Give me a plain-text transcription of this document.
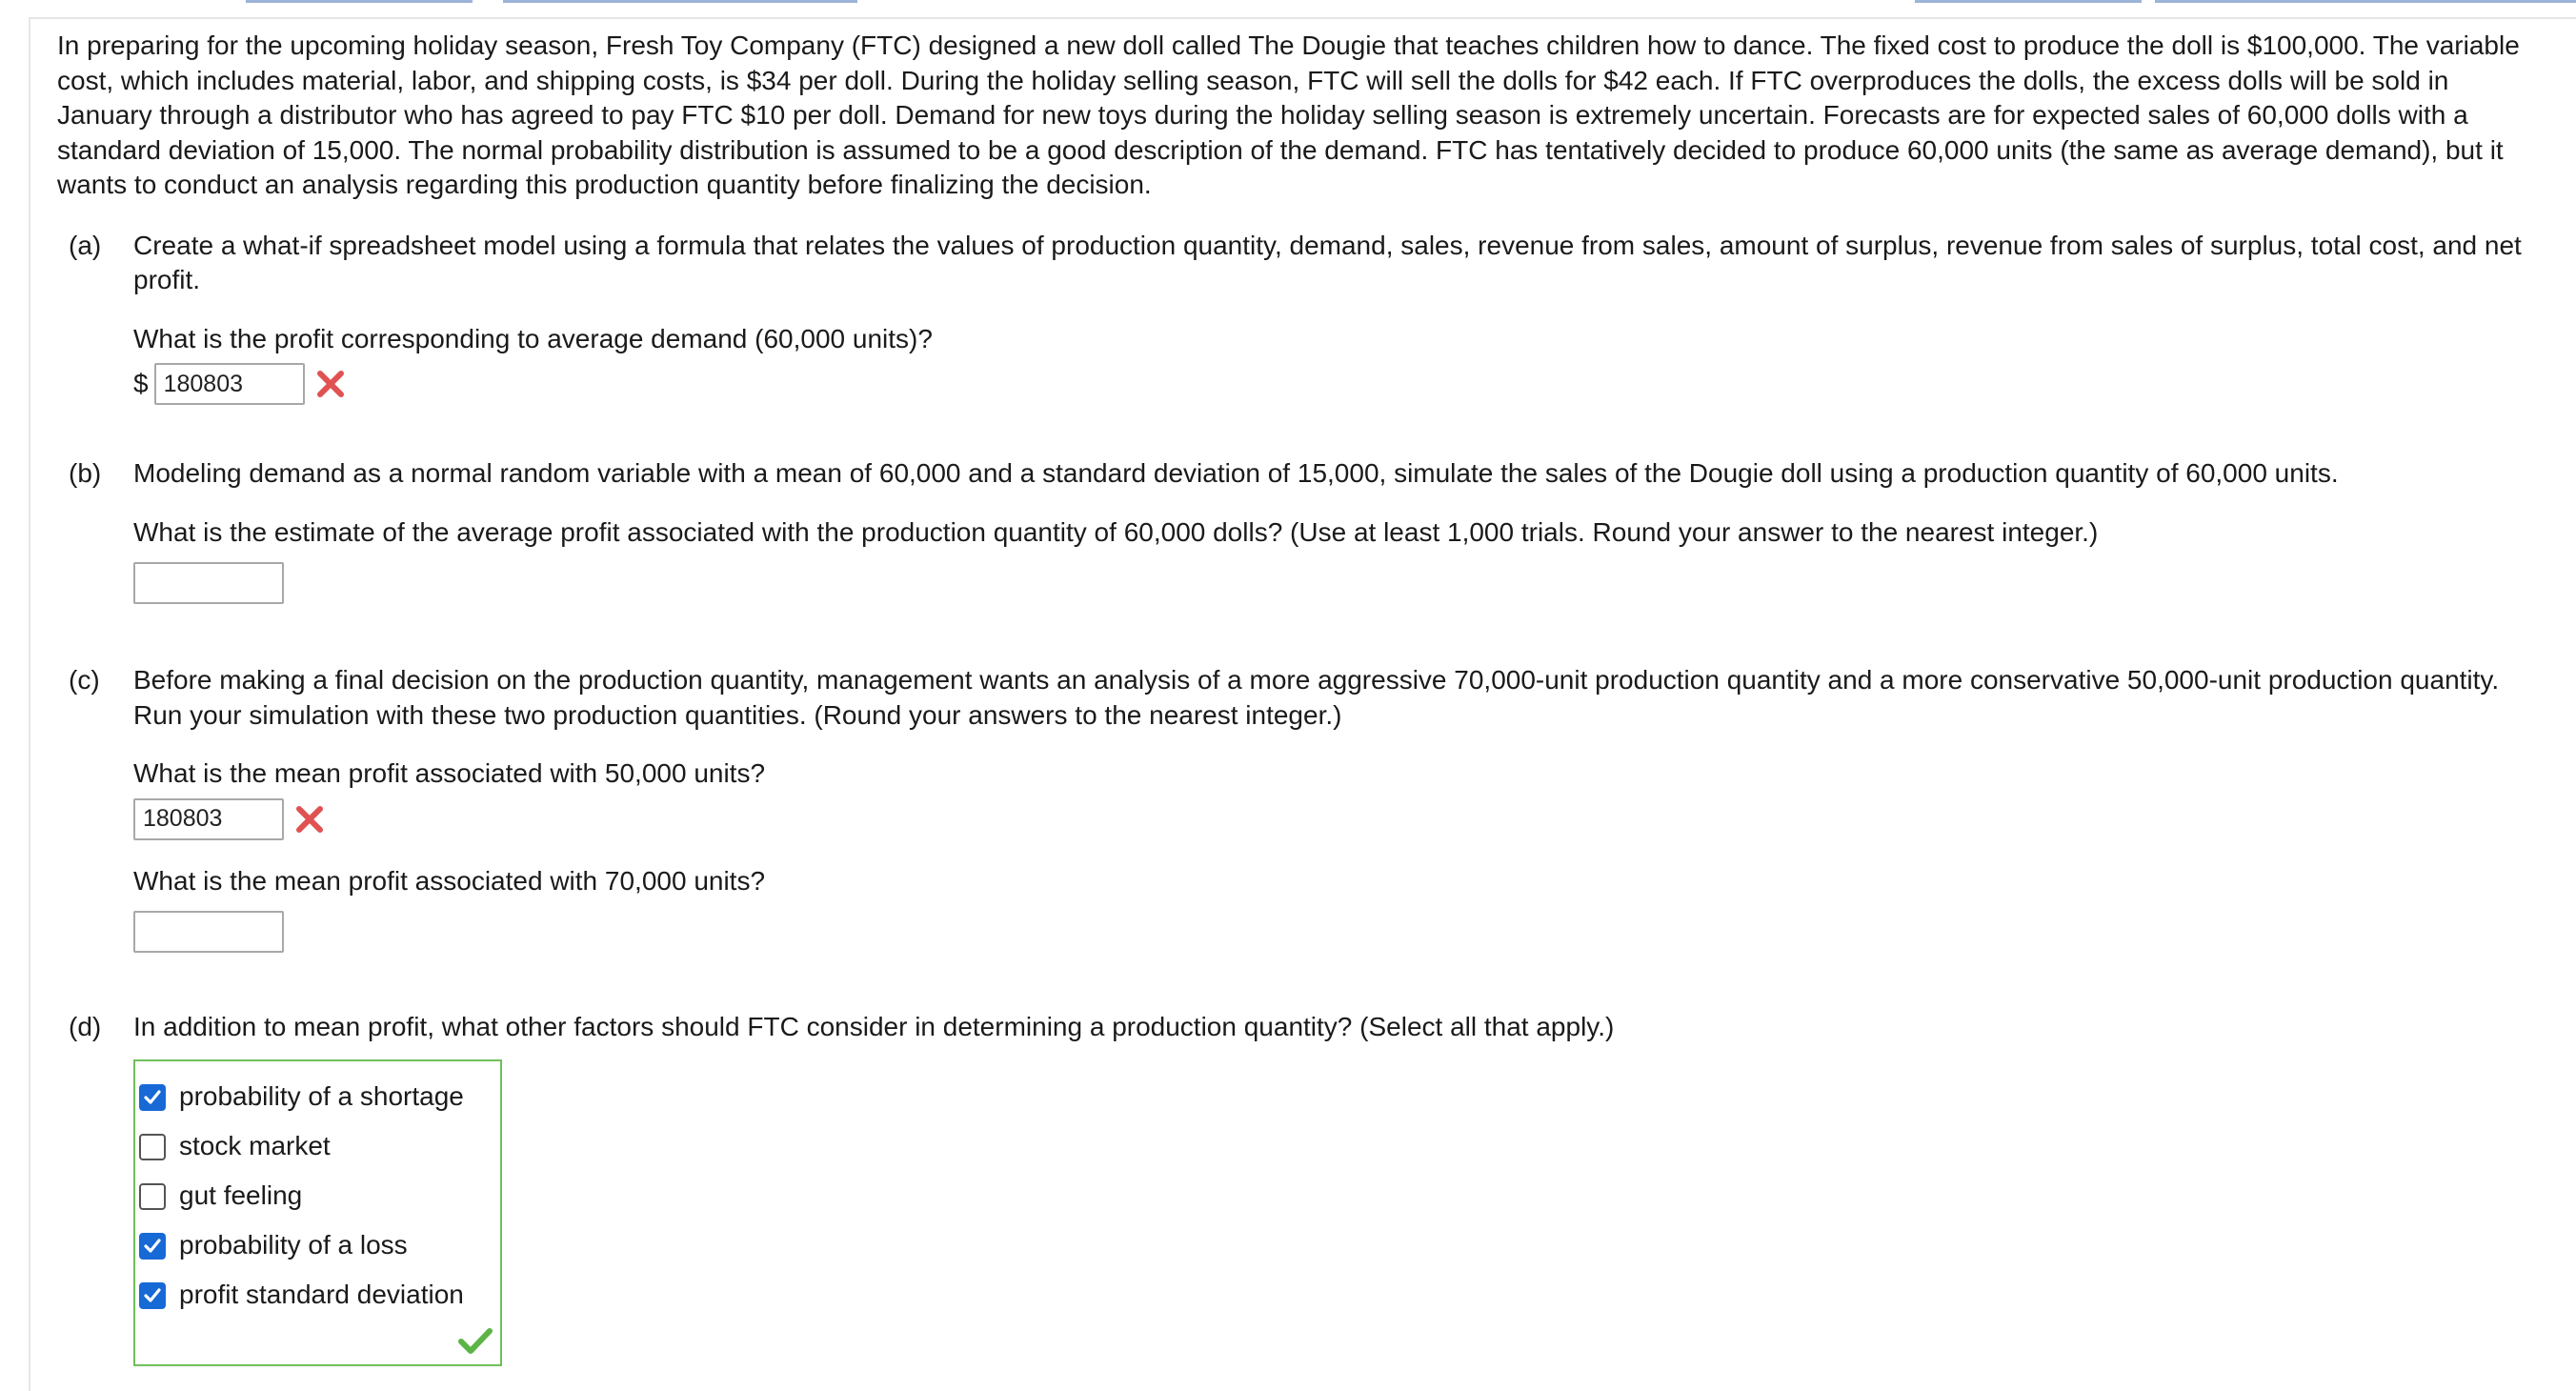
In preparing for the upcoming holiday season, Fresh Toy Company (FTC) designed a new doll called The Dougie that teaches children how to dance. The fixed cost to produce the doll is $100,000. The variable cost, which includes material, labor, and shipping costs, is $34 per doll. During the holiday selling season, FTC will sell the dolls for $42 each. If FTC overproduces the dolls, the excess dolls will be sold in January through a distributor who has agreed to pay FTC $10 per doll. Demand for new toys during the holiday selling season is extremely uncertain. Forecasts are for expected sales of 60,000 dolls with a standard deviation of 15,000. The normal probability distribution is assumed to be a good description of the demand. FTC has tentatively decided to produce 60,000 units (the same as average demand), but it wants to conduct an analysis regarding this production quantity before finalizing the decision.

(a) Create a what-if spreadsheet model using a formula that relates the values of production quantity, demand, sales, revenue from sales, amount of surplus, revenue from sales of surplus, total cost, and net profit.

What is the profit corresponding to average demand (60,000 units)?

$
180803
(b) Modeling demand as a normal random variable with a mean of 60,000 and a standard deviation of 15,000, simulate the sales of the Dougie doll using a production quantity of 60,000 units.

What is the estimate of the average profit associated with the production quantity of 60,000 dolls? (Use at least 1,000 trials. Round your answer to the nearest integer.)

(c) Before making a final decision on the production quantity, management wants an analysis of a more aggressive 70,000-unit production quantity and a more conservative 50,000-unit production quantity. Run your simulation with these two production quantities. (Round your answers to the nearest integer.)

What is the mean profit associated with 50,000 units?

180803

What is the mean profit associated with 70,000 units?

(d) In addition to mean profit, what other factors should FTC consider in determining a production quantity? (Select all that apply.)

probability of a shortage
stock market
gut feeling
probability of a loss
profit standard deviation
